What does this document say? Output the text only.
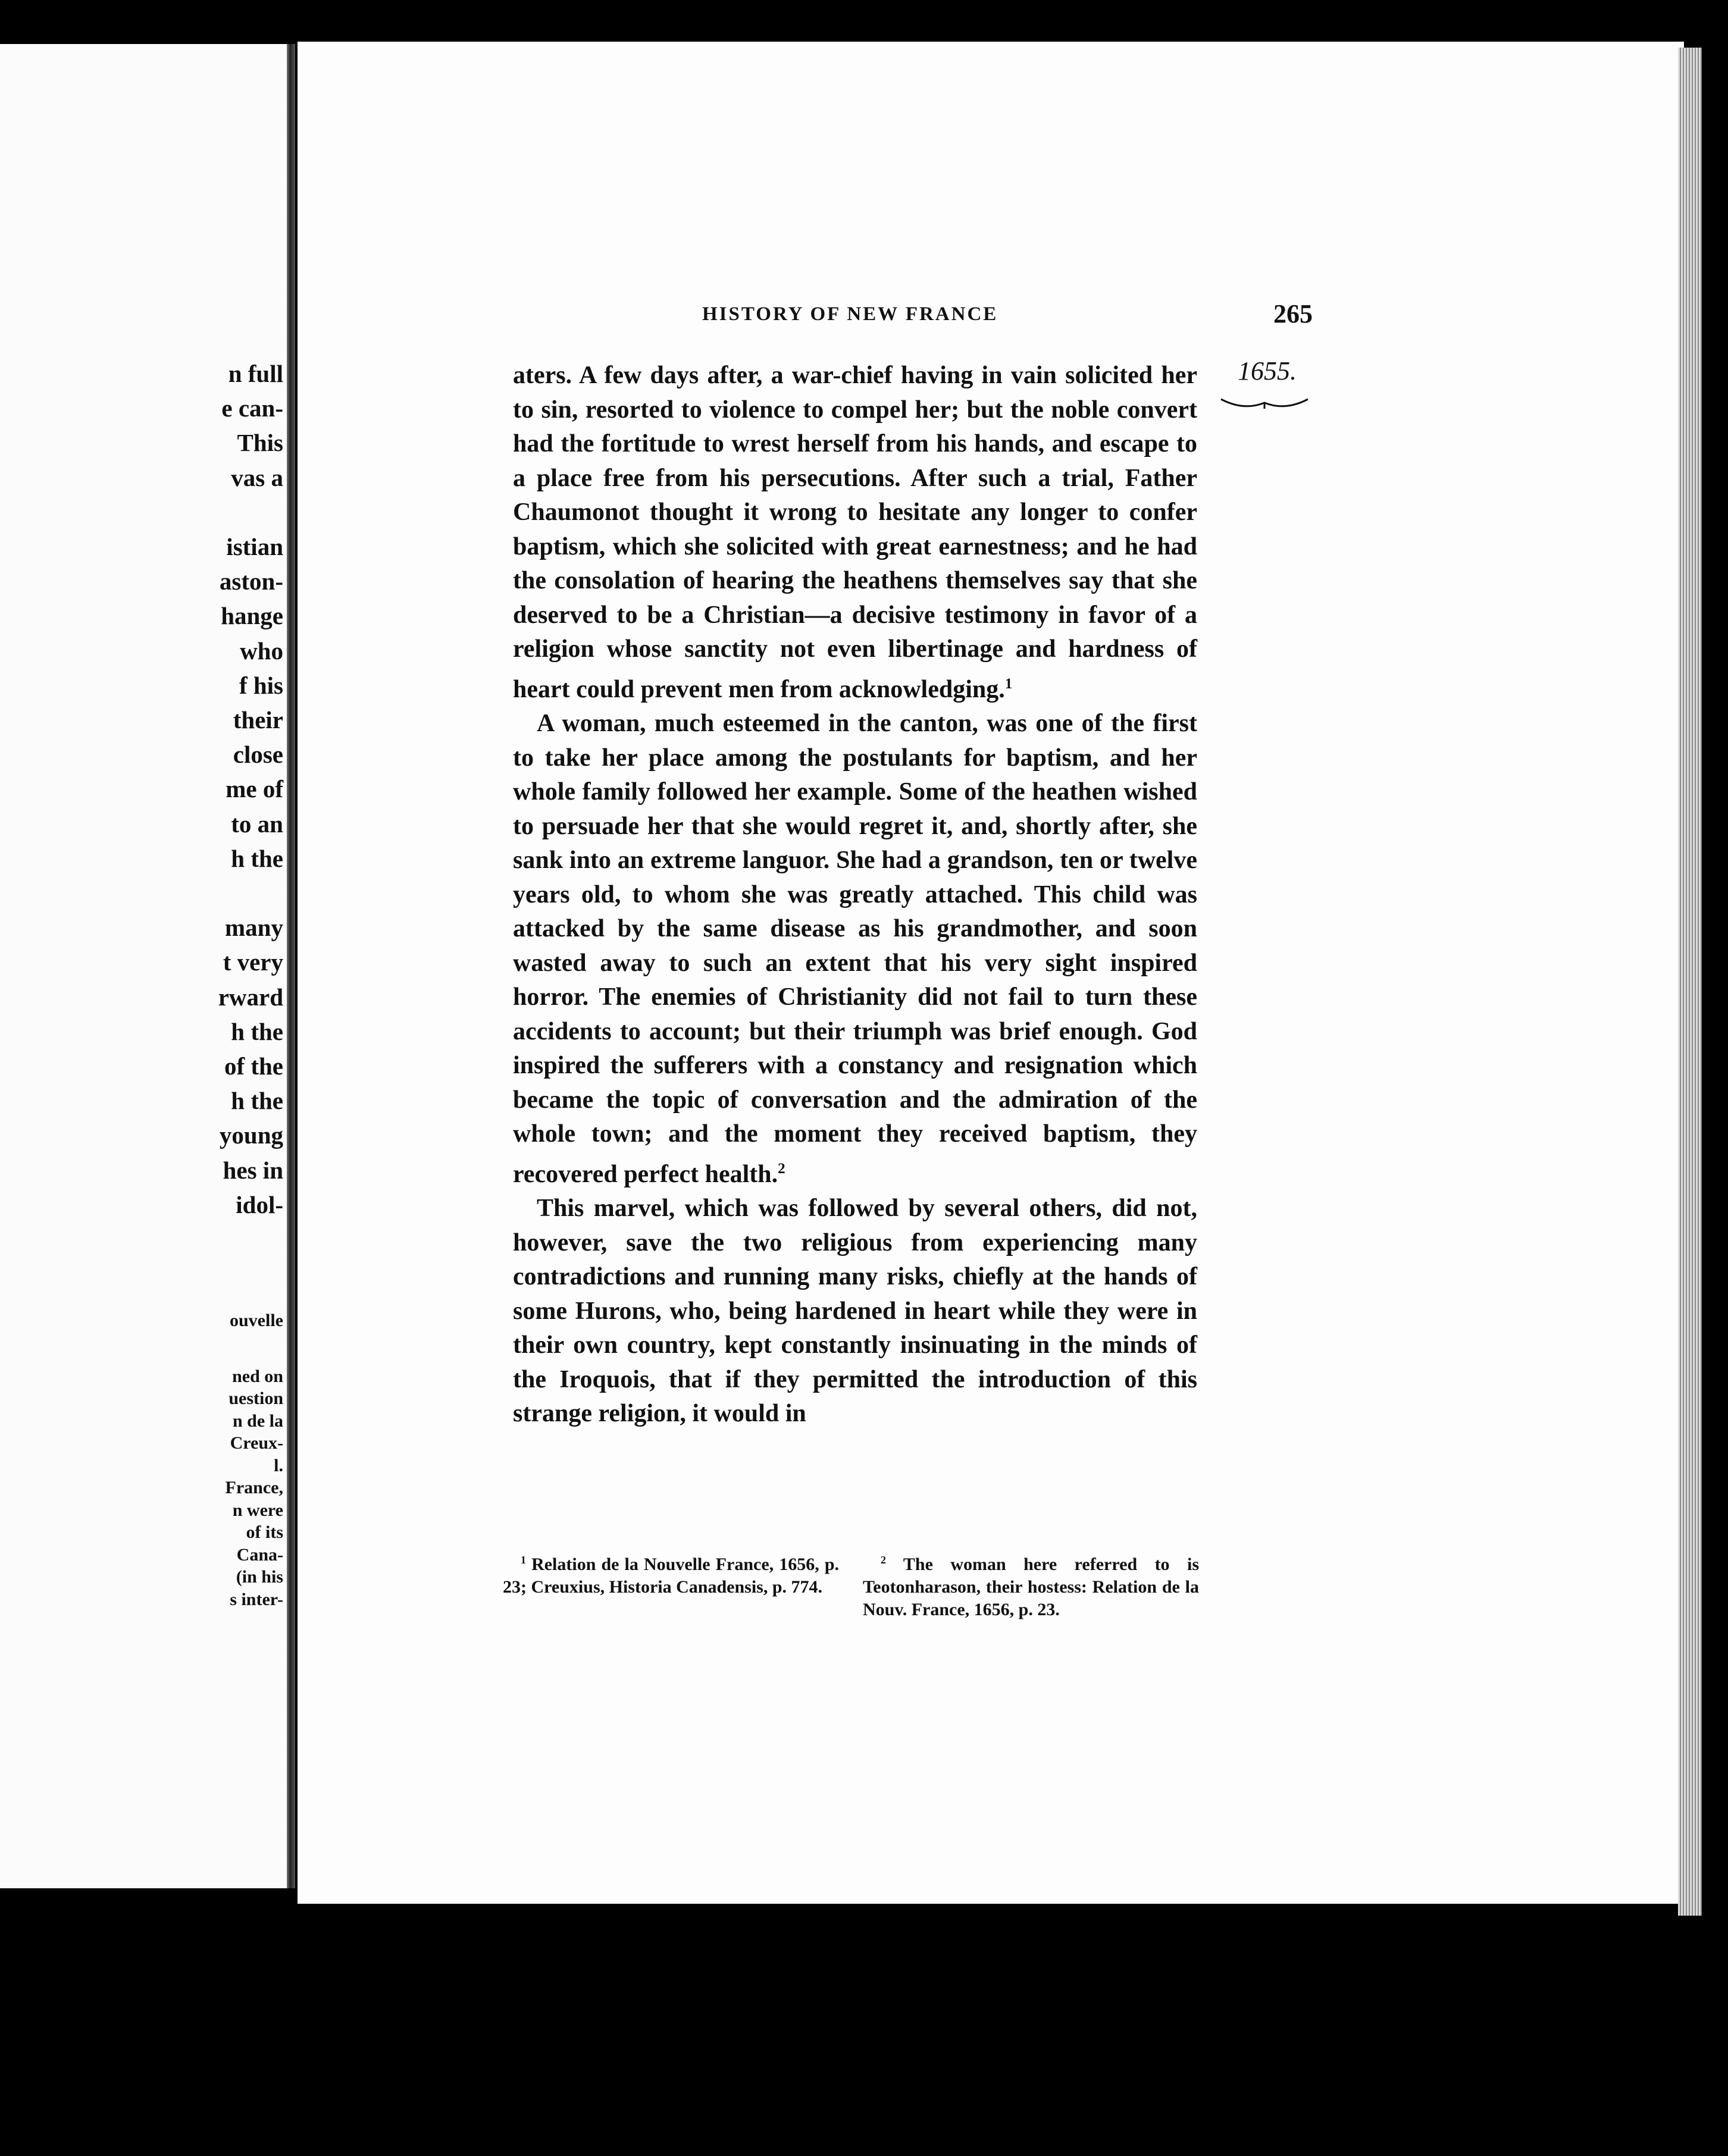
n full
e can-
This
vas a

istian
aston-
hange
who
f his
their
close
me of
to an
h the

many
t very
rward
h the
of the
h the
young
hes in
idol-
ouvelle
ned on
uestion
n de la
Creux-
l.
France,
n were
of its
Cana-
(in his
s inter-
HISTORY OF NEW FRANCE	265
1655.

aters. A few days after, a war-chief having in vain solicited her to sin, resorted to violence to compel her; but the noble convert had the fortitude to wrest herself from his hands, and escape to a place free from his persecutions. After such a trial, Father Chaumonot thought it wrong to hesitate any longer to confer baptism, which she solicited with great earnestness; and he had the consolation of hearing the heathens themselves say that she deserved to be a Christian—a decisive testimony in favor of a religion whose sanctity not even libertinage and hardness of heart could prevent men from acknowledging.$^1$

A woman, much esteemed in the canton, was one of the first to take her place among the postulants for baptism, and her whole family followed her example. Some of the heathen wished to persuade her that she would regret it, and, shortly after, she sank into an extreme languor. She had a grandson, ten or twelve years old, to whom she was greatly attached. This child was attacked by the same disease as his grandmother, and soon wasted away to such an extent that his very sight inspired horror. The enemies of Christianity did not fail to turn these accidents to account; but their triumph was brief enough. God inspired the sufferers with a constancy and resignation which became the topic of conversation and the admiration of the whole town; and the moment they received baptism, they recovered perfect health.$^2$

This marvel, which was followed by several others, did not, however, save the two religious from experiencing many contradictions and running many risks, chiefly at the hands of some Hurons, who, being hardened in heart while they were in their own country, kept constantly insinuating in the minds of the Iroquois, that if they permitted the introduction of this strange religion, it would in

$^1$ Relation de la Nouvelle France, 1656, p. 23; Creuxius, Historia Canadensis, p. 774.
$^2$ The woman here referred to is Teotonharason, their hostess: Relation de la Nouv. France, 1656, p. 23.
